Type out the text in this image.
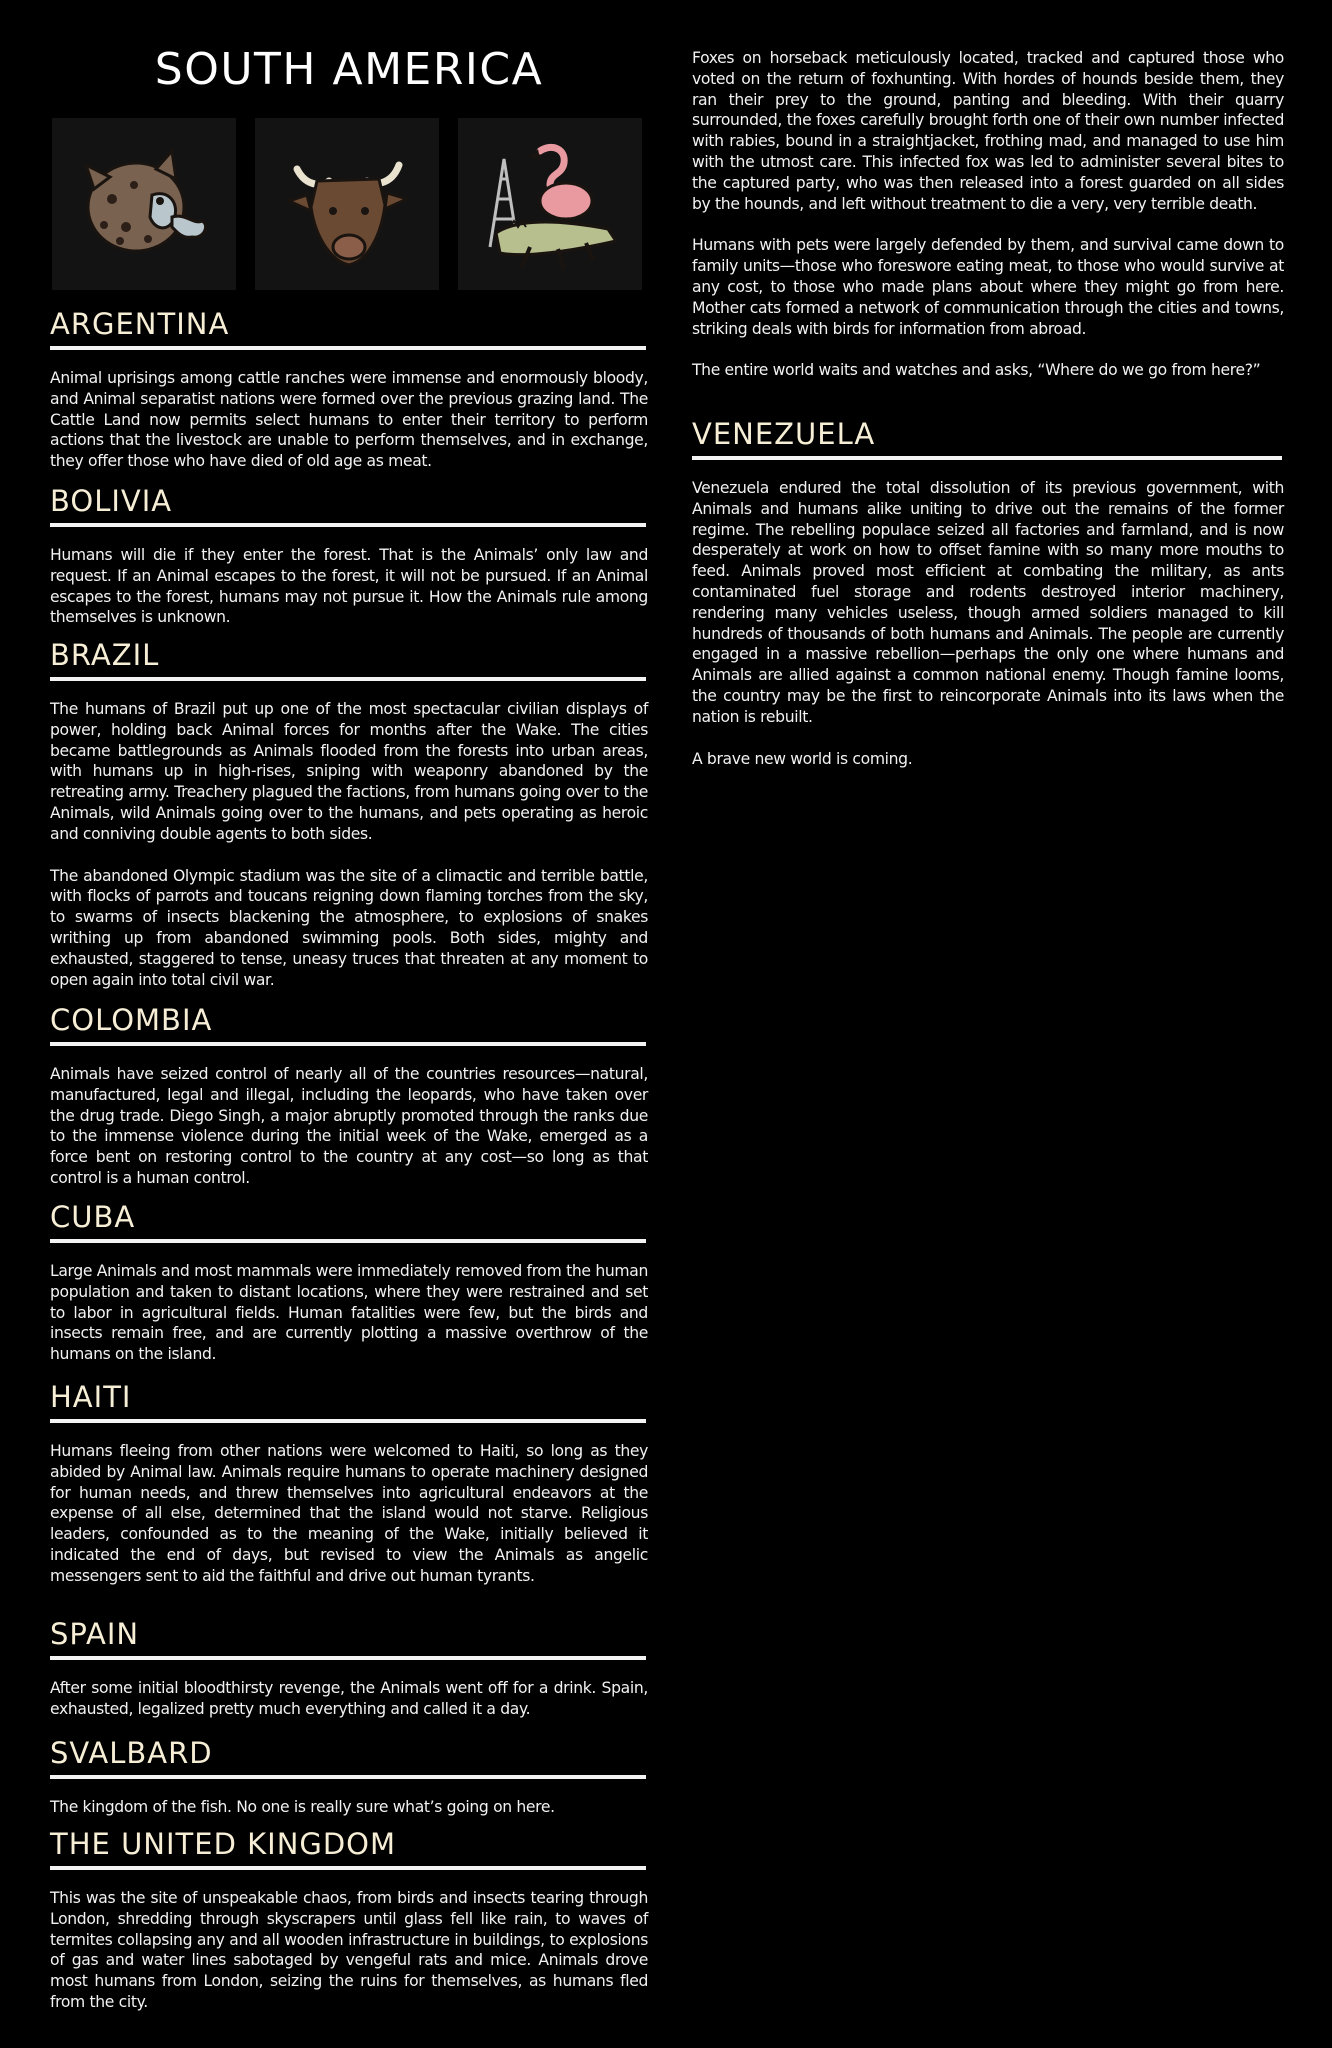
SOUTH AMERICA
ARGENTINA

Animal uprisings among cattle ranches were immense and enormously bloody, and Animal separatist nations were formed over the previous grazing land. The Cattle Land now permits select humans to enter their territory to perform actions that the livestock are unable to perform themselves, and in exchange, they offer those who have died of old age as meat.

BOLIVIA

Humans will die if they enter the forest. That is the Animals’ only law and request. If an Animal escapes to the forest, it will not be pursued. If an Animal escapes to the forest, humans may not pursue it. How the Animals rule among themselves is unknown.

BRAZIL

The humans of Brazil put up one of the most spectacular civilian displays of power, holding back Animal forces for months after the Wake. The cities became battlegrounds as Animals flooded from the forests into urban areas, with humans up in high-rises, sniping with weaponry abandoned by the retreating army. Treachery plagued the factions, from humans going over to the Animals, wild Animals going over to the humans, and pets operating as heroic and conniving double agents to both sides.

The abandoned Olympic stadium was the site of a climactic and terrible battle, with flocks of parrots and toucans reigning down flaming torches from the sky, to swarms of insects blackening the atmosphere, to explosions of snakes writhing up from abandoned swimming pools. Both sides, mighty and exhausted, staggered to tense, uneasy truces that threaten at any moment to open again into total civil war.

COLOMBIA

Animals have seized control of nearly all of the countries resources—natural, manufactured, legal and illegal, including the leopards, who have taken over the drug trade. Diego Singh, a major abruptly promoted through the ranks due to the immense violence during the initial week of the Wake, emerged as a force bent on restoring control to the country at any cost—so long as that control is a human control.

CUBA

Large Animals and most mammals were immediately removed from the human population and taken to distant locations, where they were restrained and set to labor in agricultural fields. Human fatalities were few, but the birds and insects remain free, and are currently plotting a massive overthrow of the humans on the island.

HAITI

Humans fleeing from other nations were welcomed to Haiti, so long as they abided by Animal law. Animals require humans to operate machinery designed for human needs, and threw themselves into agricultural endeavors at the expense of all else, determined that the island would not starve. Religious leaders, confounded as to the meaning of the Wake, initially believed it indicated the end of days, but revised to view the Animals as angelic messengers sent to aid the faithful and drive out human tyrants.

SPAIN

After some initial bloodthirsty revenge, the Animals went off for a drink. Spain, exhausted, legalized pretty much everything and called it a day.

SVALBARD

The kingdom of the fish. No one is really sure what’s going on here.

THE UNITED KINGDOM

This was the site of unspeakable chaos, from birds and insects tearing through London, shredding through skyscrapers until glass fell like rain, to waves of termites collapsing any and all wooden infrastructure in buildings, to explosions of gas and water lines sabotaged by vengeful rats and mice. Animals drove most humans from London, seizing the ruins for themselves, as humans fled from the city.

Foxes on horseback meticulously located, tracked and captured those who voted on the return of foxhunting. With hordes of hounds beside them, they ran their prey to the ground, panting and bleeding. With their quarry surrounded, the foxes carefully brought forth one of their own number infected with rabies, bound in a straightjacket, frothing mad, and managed to use him with the utmost care. This infected fox was led to administer several bites to the captured party, who was then released into a forest guarded on all sides by the hounds, and left without treatment to die a very, very terrible death.

Humans with pets were largely defended by them, and survival came down to family units—those who foreswore eating meat, to those who would survive at any cost, to those who made plans about where they might go from here. Mother cats formed a network of communication through the cities and towns, striking deals with birds for information from abroad.

The entire world waits and watches and asks, “Where do we go from here?”

VENEZUELA

Venezuela endured the total dissolution of its previous government, with Animals and humans alike uniting to drive out the remains of the former regime. The rebelling populace seized all factories and farmland, and is now desperately at work on how to offset famine with so many more mouths to feed. Animals proved most efficient at combating the military, as ants contaminated fuel storage and rodents destroyed interior machinery, rendering many vehicles useless, though armed soldiers managed to kill hundreds of thousands of both humans and Animals. The people are currently engaged in a massive rebellion—perhaps the only one where humans and Animals are allied against a common national enemy. Though famine looms, the country may be the first to reincorporate Animals into its laws when the nation is rebuilt.

A brave new world is coming.
